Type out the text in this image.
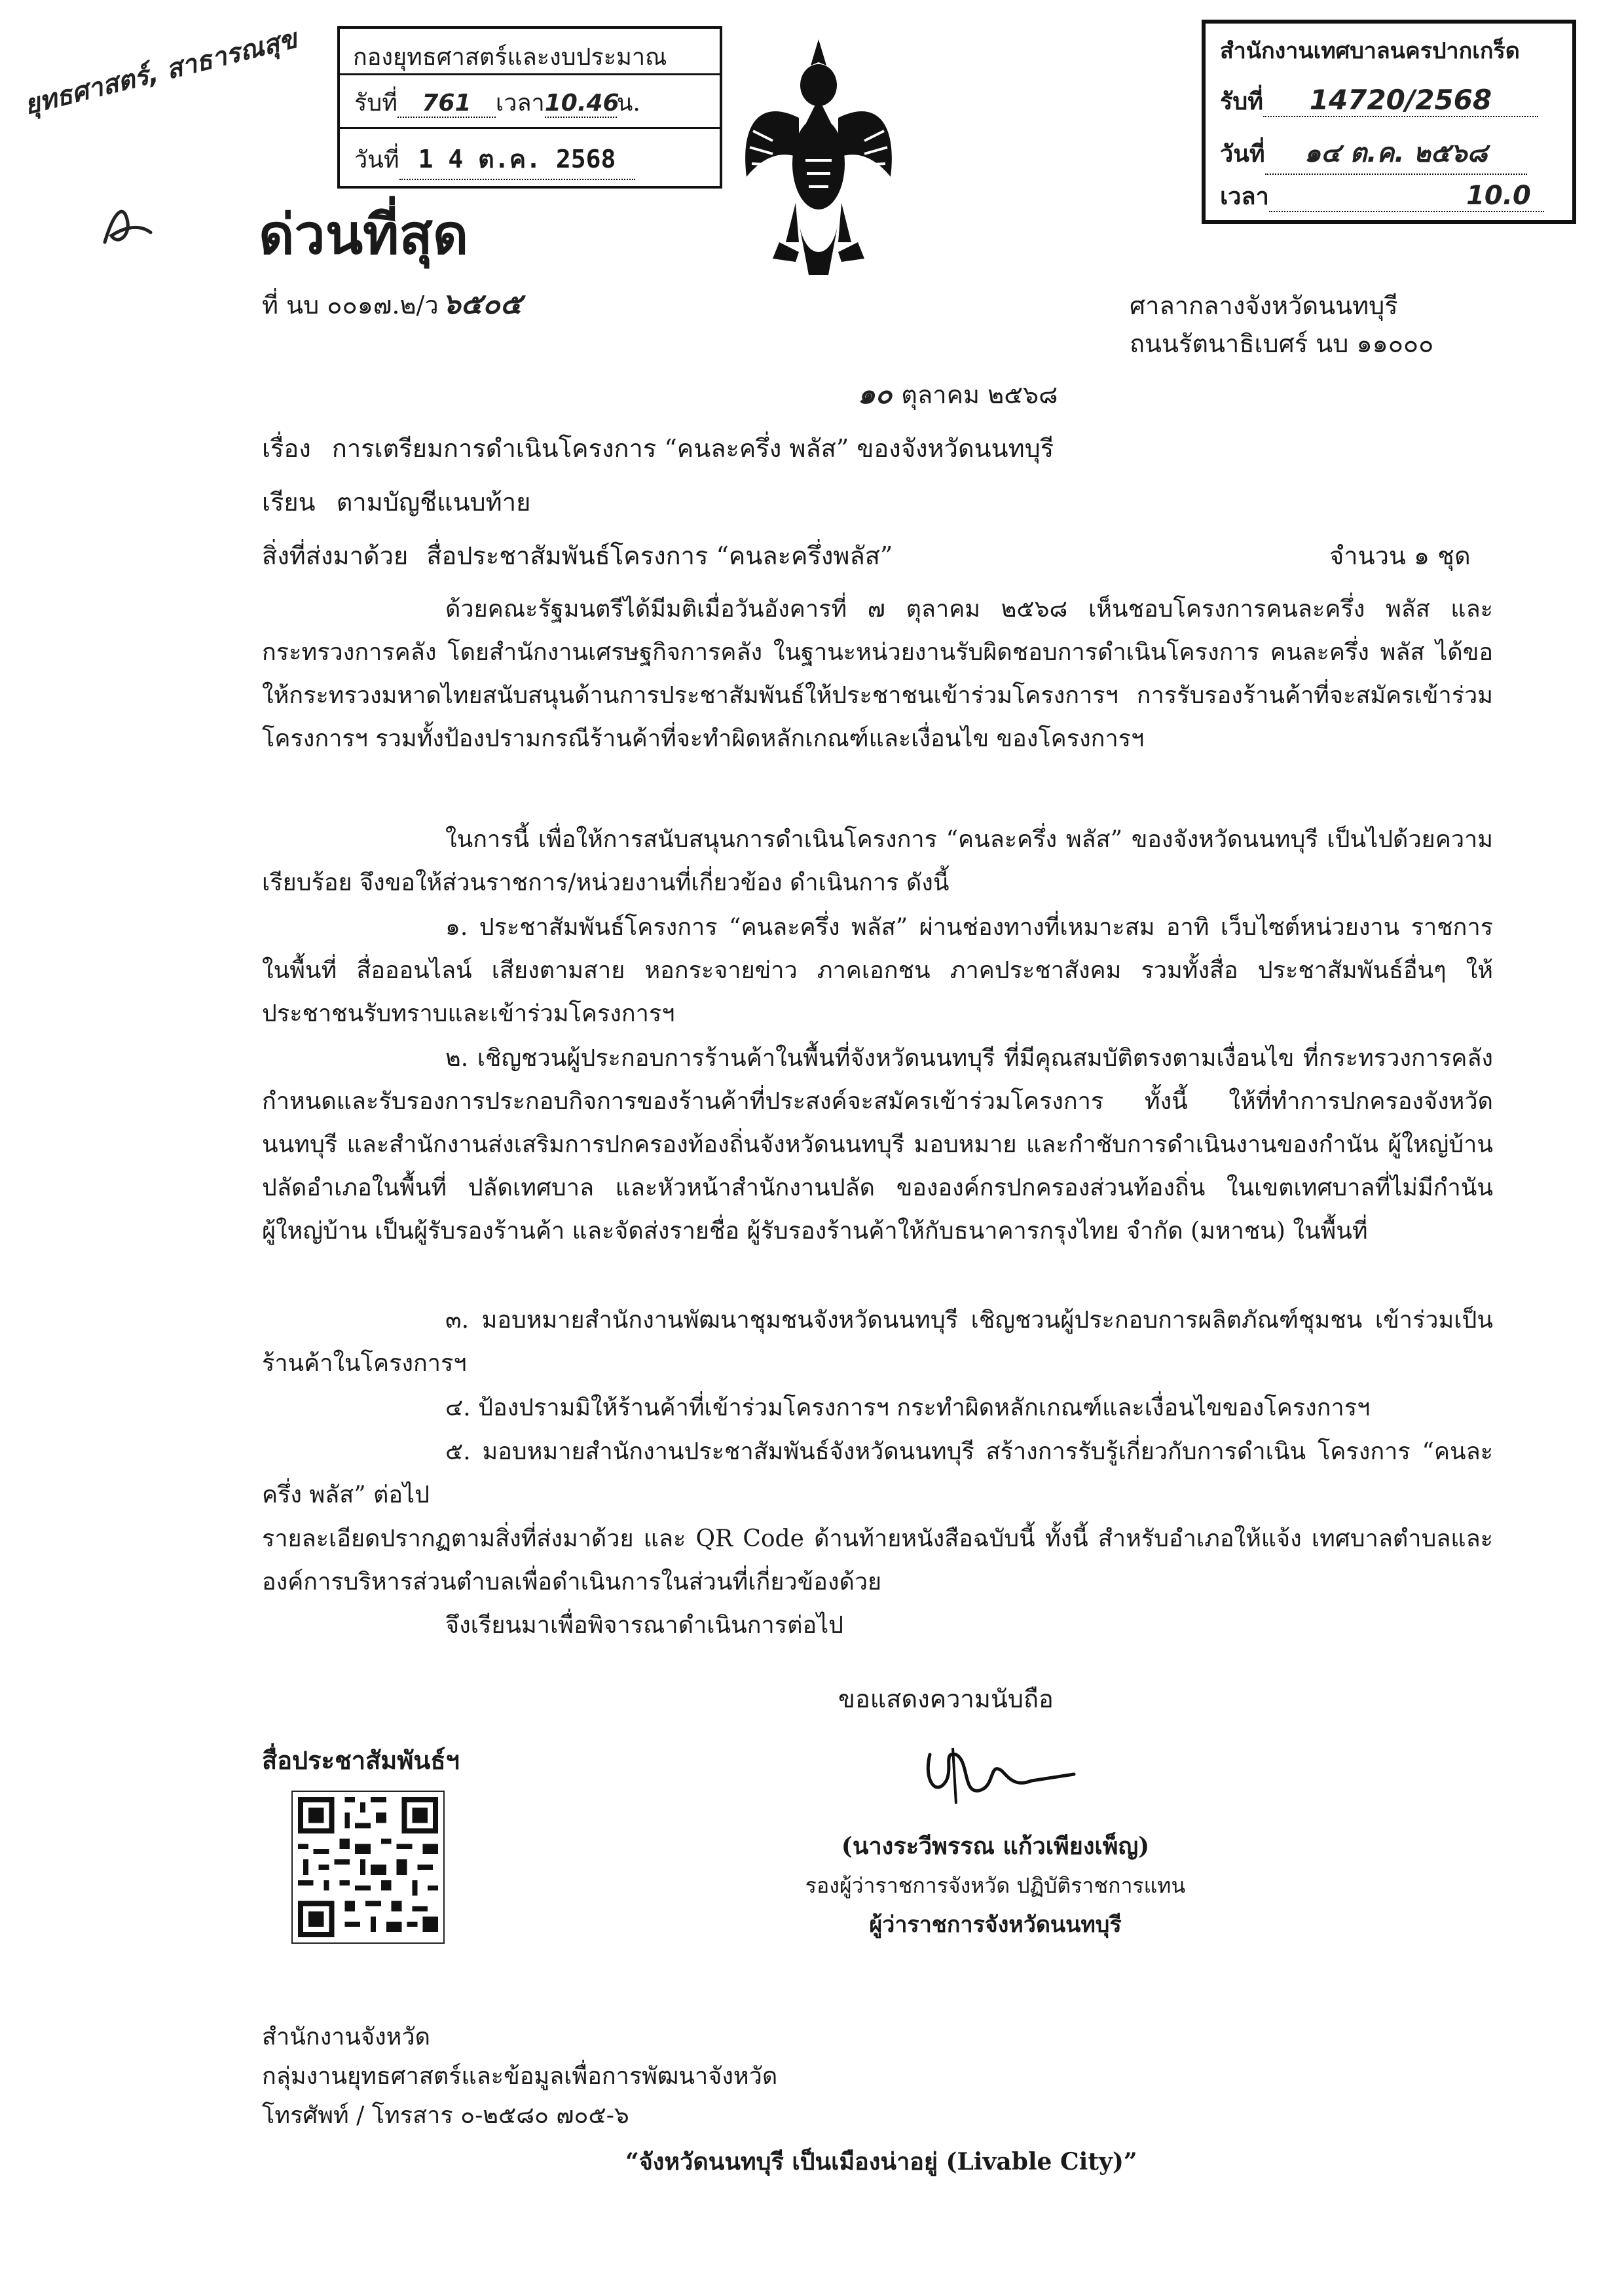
กองยุทธศาสตร์และงบประมาณ
รับที่ 761 เวลา10.46น.
วันที่ 1 4 ต.ค. 2568
สำนักงานเทศบาลนครปากเกร็ด
รับที่ 14720/2568
วันที่ ๑๔ ต.ค. ๒๕๖๘
เวลา	10.0
ยุทธศาสตร์, สาธารณสุข
ด่วนที่สุด
ที่ นบ ๐๐๑๗.๒/ว ๖๕๐๕	ศาลากลางจังหวัดนนทบุรี
ถนนรัตนาธิเบศร์ นบ ๑๑๐๐๐
๑๐ ตุลาคม ๒๕๖๘
เรื่อง การเตรียมการดำเนินโครงการ “คนละครึ่ง พลัส” ของจังหวัดนนทบุรี
เรียน ตามบัญชีแนบท้าย
สิ่งที่ส่งมาด้วย สื่อประชาสัมพันธ์โครงการ “คนละครึ่งพลัส”	จำนวน ๑ ชุด
ด้วยคณะรัฐมนตรีได้มีมติเมื่อวันอังคารที่ ๗ ตุลาคม ๒๕๖๘ เห็นชอบโครงการคนละครึ่ง พลัส และกระทรวงการคลัง โดยสำนักงานเศรษฐกิจการคลัง ในฐานะหน่วยงานรับผิดชอบการดำเนินโครงการ คนละครึ่ง พลัส ได้ขอให้กระทรวงมหาดไทยสนับสนุนด้านการประชาสัมพันธ์ให้ประชาชนเข้าร่วมโครงการฯ การรับรองร้านค้าที่จะสมัครเข้าร่วมโครงการฯ รวมทั้งป้องปรามกรณีร้านค้าที่จะทำผิดหลักเกณฑ์และเงื่อนไข ของโครงการฯ
ในการนี้ เพื่อให้การสนับสนุนการดำเนินโครงการ “คนละครึ่ง พลัส” ของจังหวัดนนทบุรี เป็นไปด้วยความเรียบร้อย จึงขอให้ส่วนราชการ/หน่วยงานที่เกี่ยวข้อง ดำเนินการ ดังนี้
๑. ประชาสัมพันธ์โครงการ “คนละครึ่ง พลัส” ผ่านช่องทางที่เหมาะสม อาทิ เว็บไซต์หน่วยงาน ราชการในพื้นที่ สื่อออนไลน์ เสียงตามสาย หอกระจายข่าว ภาคเอกชน ภาคประชาสังคม รวมทั้งสื่อ ประชาสัมพันธ์อื่นๆ ให้ประชาชนรับทราบและเข้าร่วมโครงการฯ
๒. เชิญชวนผู้ประกอบการร้านค้าในพื้นที่จังหวัดนนทบุรี ที่มีคุณสมบัติตรงตามเงื่อนไข ที่กระทรวงการคลังกำหนดและรับรองการประกอบกิจการของร้านค้าที่ประสงค์จะสมัครเข้าร่วมโครงการ ทั้งนี้ ให้ที่ทำการปกครองจังหวัดนนทบุรี และสำนักงานส่งเสริมการปกครองท้องถิ่นจังหวัดนนทบุรี มอบหมาย และกำชับการดำเนินงานของกำนัน ผู้ใหญ่บ้าน ปลัดอำเภอในพื้นที่ ปลัดเทศบาล และหัวหน้าสำนักงานปลัด ขององค์กรปกครองส่วนท้องถิ่น ในเขตเทศบาลที่ไม่มีกำนัน ผู้ใหญ่บ้าน เป็นผู้รับรองร้านค้า และจัดส่งรายชื่อ ผู้รับรองร้านค้าให้กับธนาคารกรุงไทย จำกัด (มหาชน) ในพื้นที่
๓. มอบหมายสำนักงานพัฒนาชุมชนจังหวัดนนทบุรี เชิญชวนผู้ประกอบการผลิตภัณฑ์ชุมชน เข้าร่วมเป็นร้านค้าในโครงการฯ
๔. ป้องปรามมิให้ร้านค้าที่เข้าร่วมโครงการฯ กระทำผิดหลักเกณฑ์และเงื่อนไขของโครงการฯ
๕. มอบหมายสำนักงานประชาสัมพันธ์จังหวัดนนทบุรี สร้างการรับรู้เกี่ยวกับการดำเนิน โครงการ “คนละครึ่ง พลัส” ต่อไป
รายละเอียดปรากฏตามสิ่งที่ส่งมาด้วย และ QR Code ด้านท้ายหนังสือฉบับนี้ ทั้งนี้ สำหรับอำเภอให้แจ้ง เทศบาลตำบลและองค์การบริหารส่วนตำบลเพื่อดำเนินการในส่วนที่เกี่ยวข้องด้วย
จึงเรียนมาเพื่อพิจารณาดำเนินการต่อไป
ขอแสดงความนับถือ
(นางระวีพรรณ แก้วเพียงเพ็ญ)
รองผู้ว่าราชการจังหวัด ปฏิบัติราชการแทน
ผู้ว่าราชการจังหวัดนนทบุรี
สื่อประชาสัมพันธ์ฯ
สำนักงานจังหวัด
กลุ่มงานยุทธศาสตร์และข้อมูลเพื่อการพัฒนาจังหวัด
โทรศัพท์ / โทรสาร ๐-๒๕๘๐ ๗๐๕-๖
“จังหวัดนนทบุรี เป็นเมืองน่าอยู่ (Livable City)”
